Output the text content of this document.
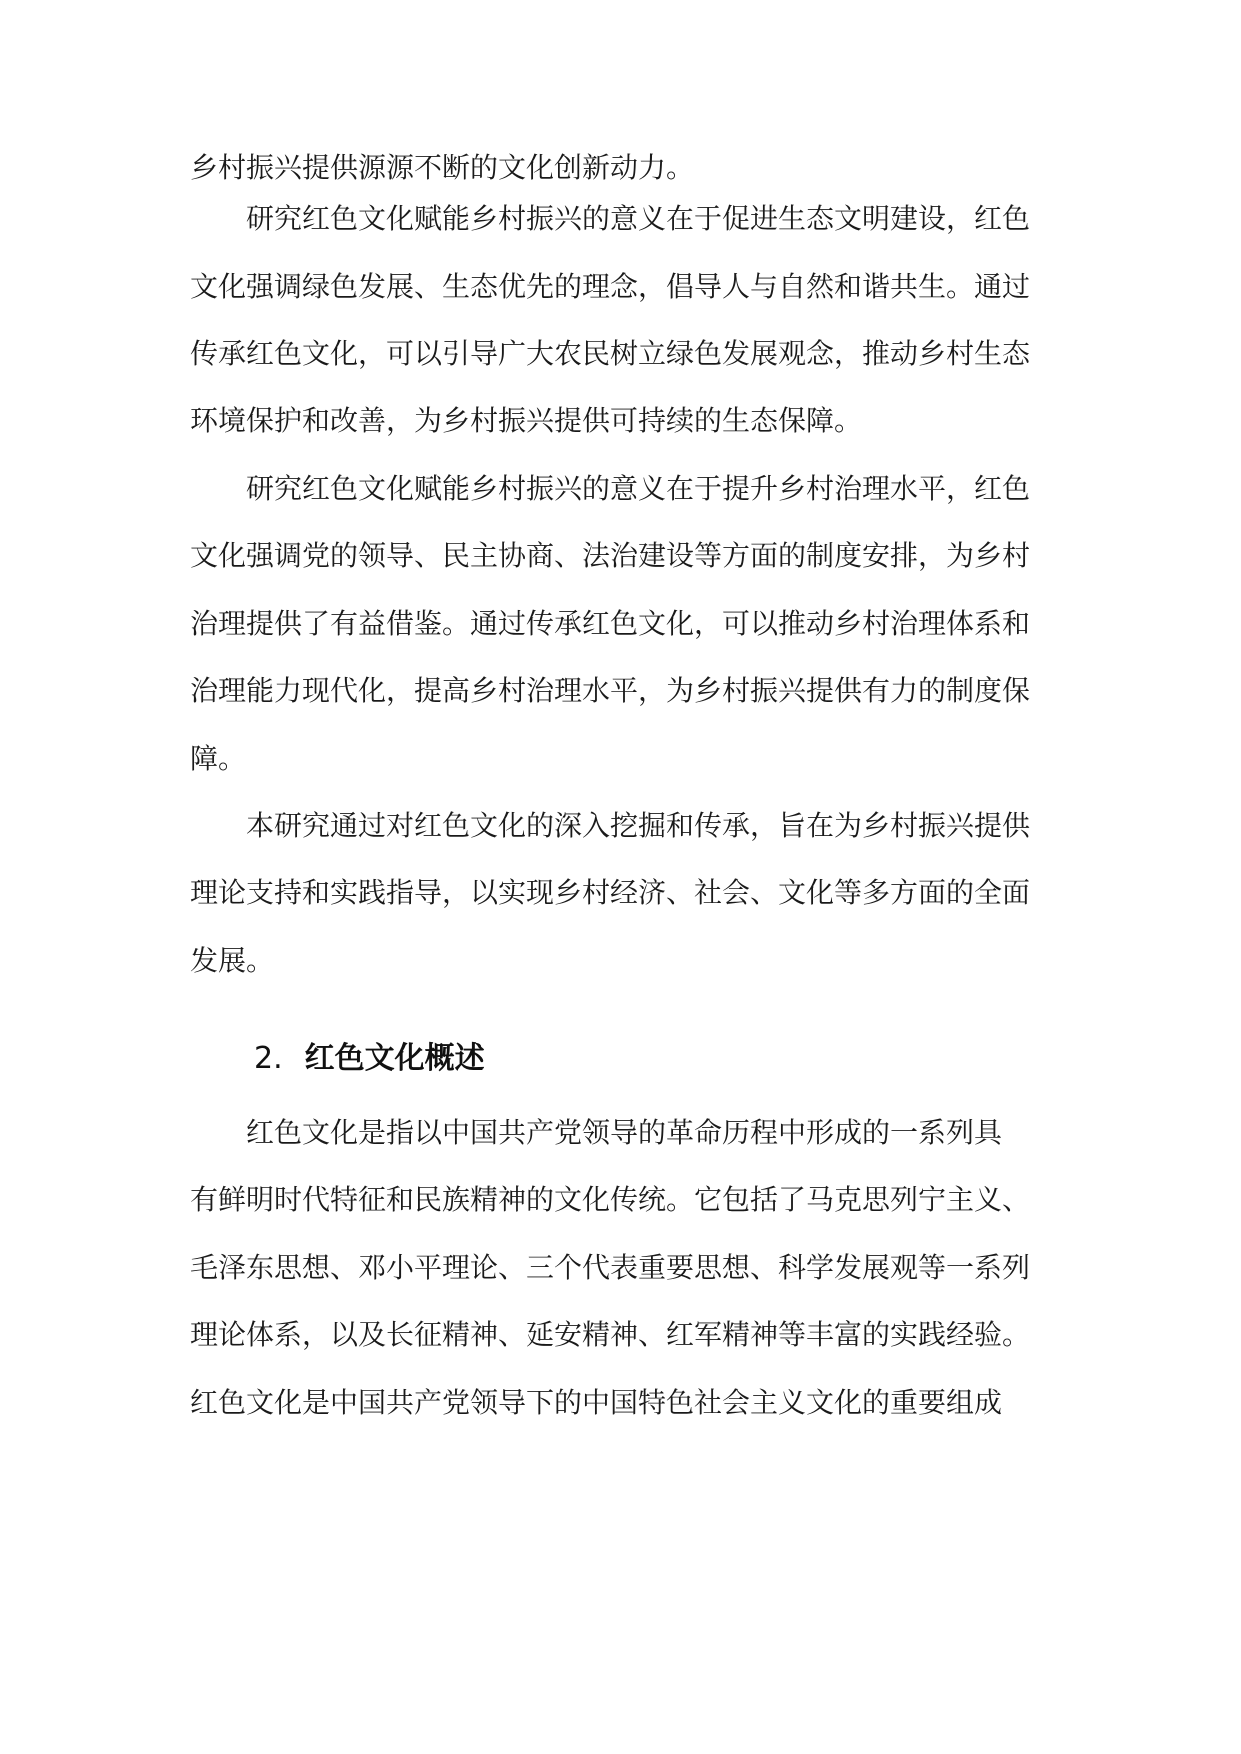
乡村振兴提供源源不断的文化创新动力。
研究红色文化赋能乡村振兴的意义在于促进生态文明建设，红色
文化强调绿色发展、生态优先的理念，倡导人与自然和谐共生。通过
传承红色文化，可以引导广大农民树立绿色发展观念，推动乡村生态
环境保护和改善，为乡村振兴提供可持续的生态保障。
研究红色文化赋能乡村振兴的意义在于提升乡村治理水平，红色
文化强调党的领导、民主协商、法治建设等方面的制度安排，为乡村
治理提供了有益借鉴。通过传承红色文化，可以推动乡村治理体系和
治理能力现代化，提高乡村治理水平，为乡村振兴提供有力的制度保
障。
本研究通过对红色文化的深入挖掘和传承，旨在为乡村振兴提供
理论支持和实践指导，以实现乡村经济、社会、文化等多方面的全面
发展。
2. 红色文化概述
红色文化是指以中国共产党领导的革命历程中形成的一系列具
有鲜明时代特征和民族精神的文化传统。它包括了马克思列宁主义、
毛泽东思想、邓小平理论、三个代表重要思想、科学发展观等一系列
理论体系，以及长征精神、延安精神、红军精神等丰富的实践经验。
红色文化是中国共产党领导下的中国特色社会主义文化的重要组成
